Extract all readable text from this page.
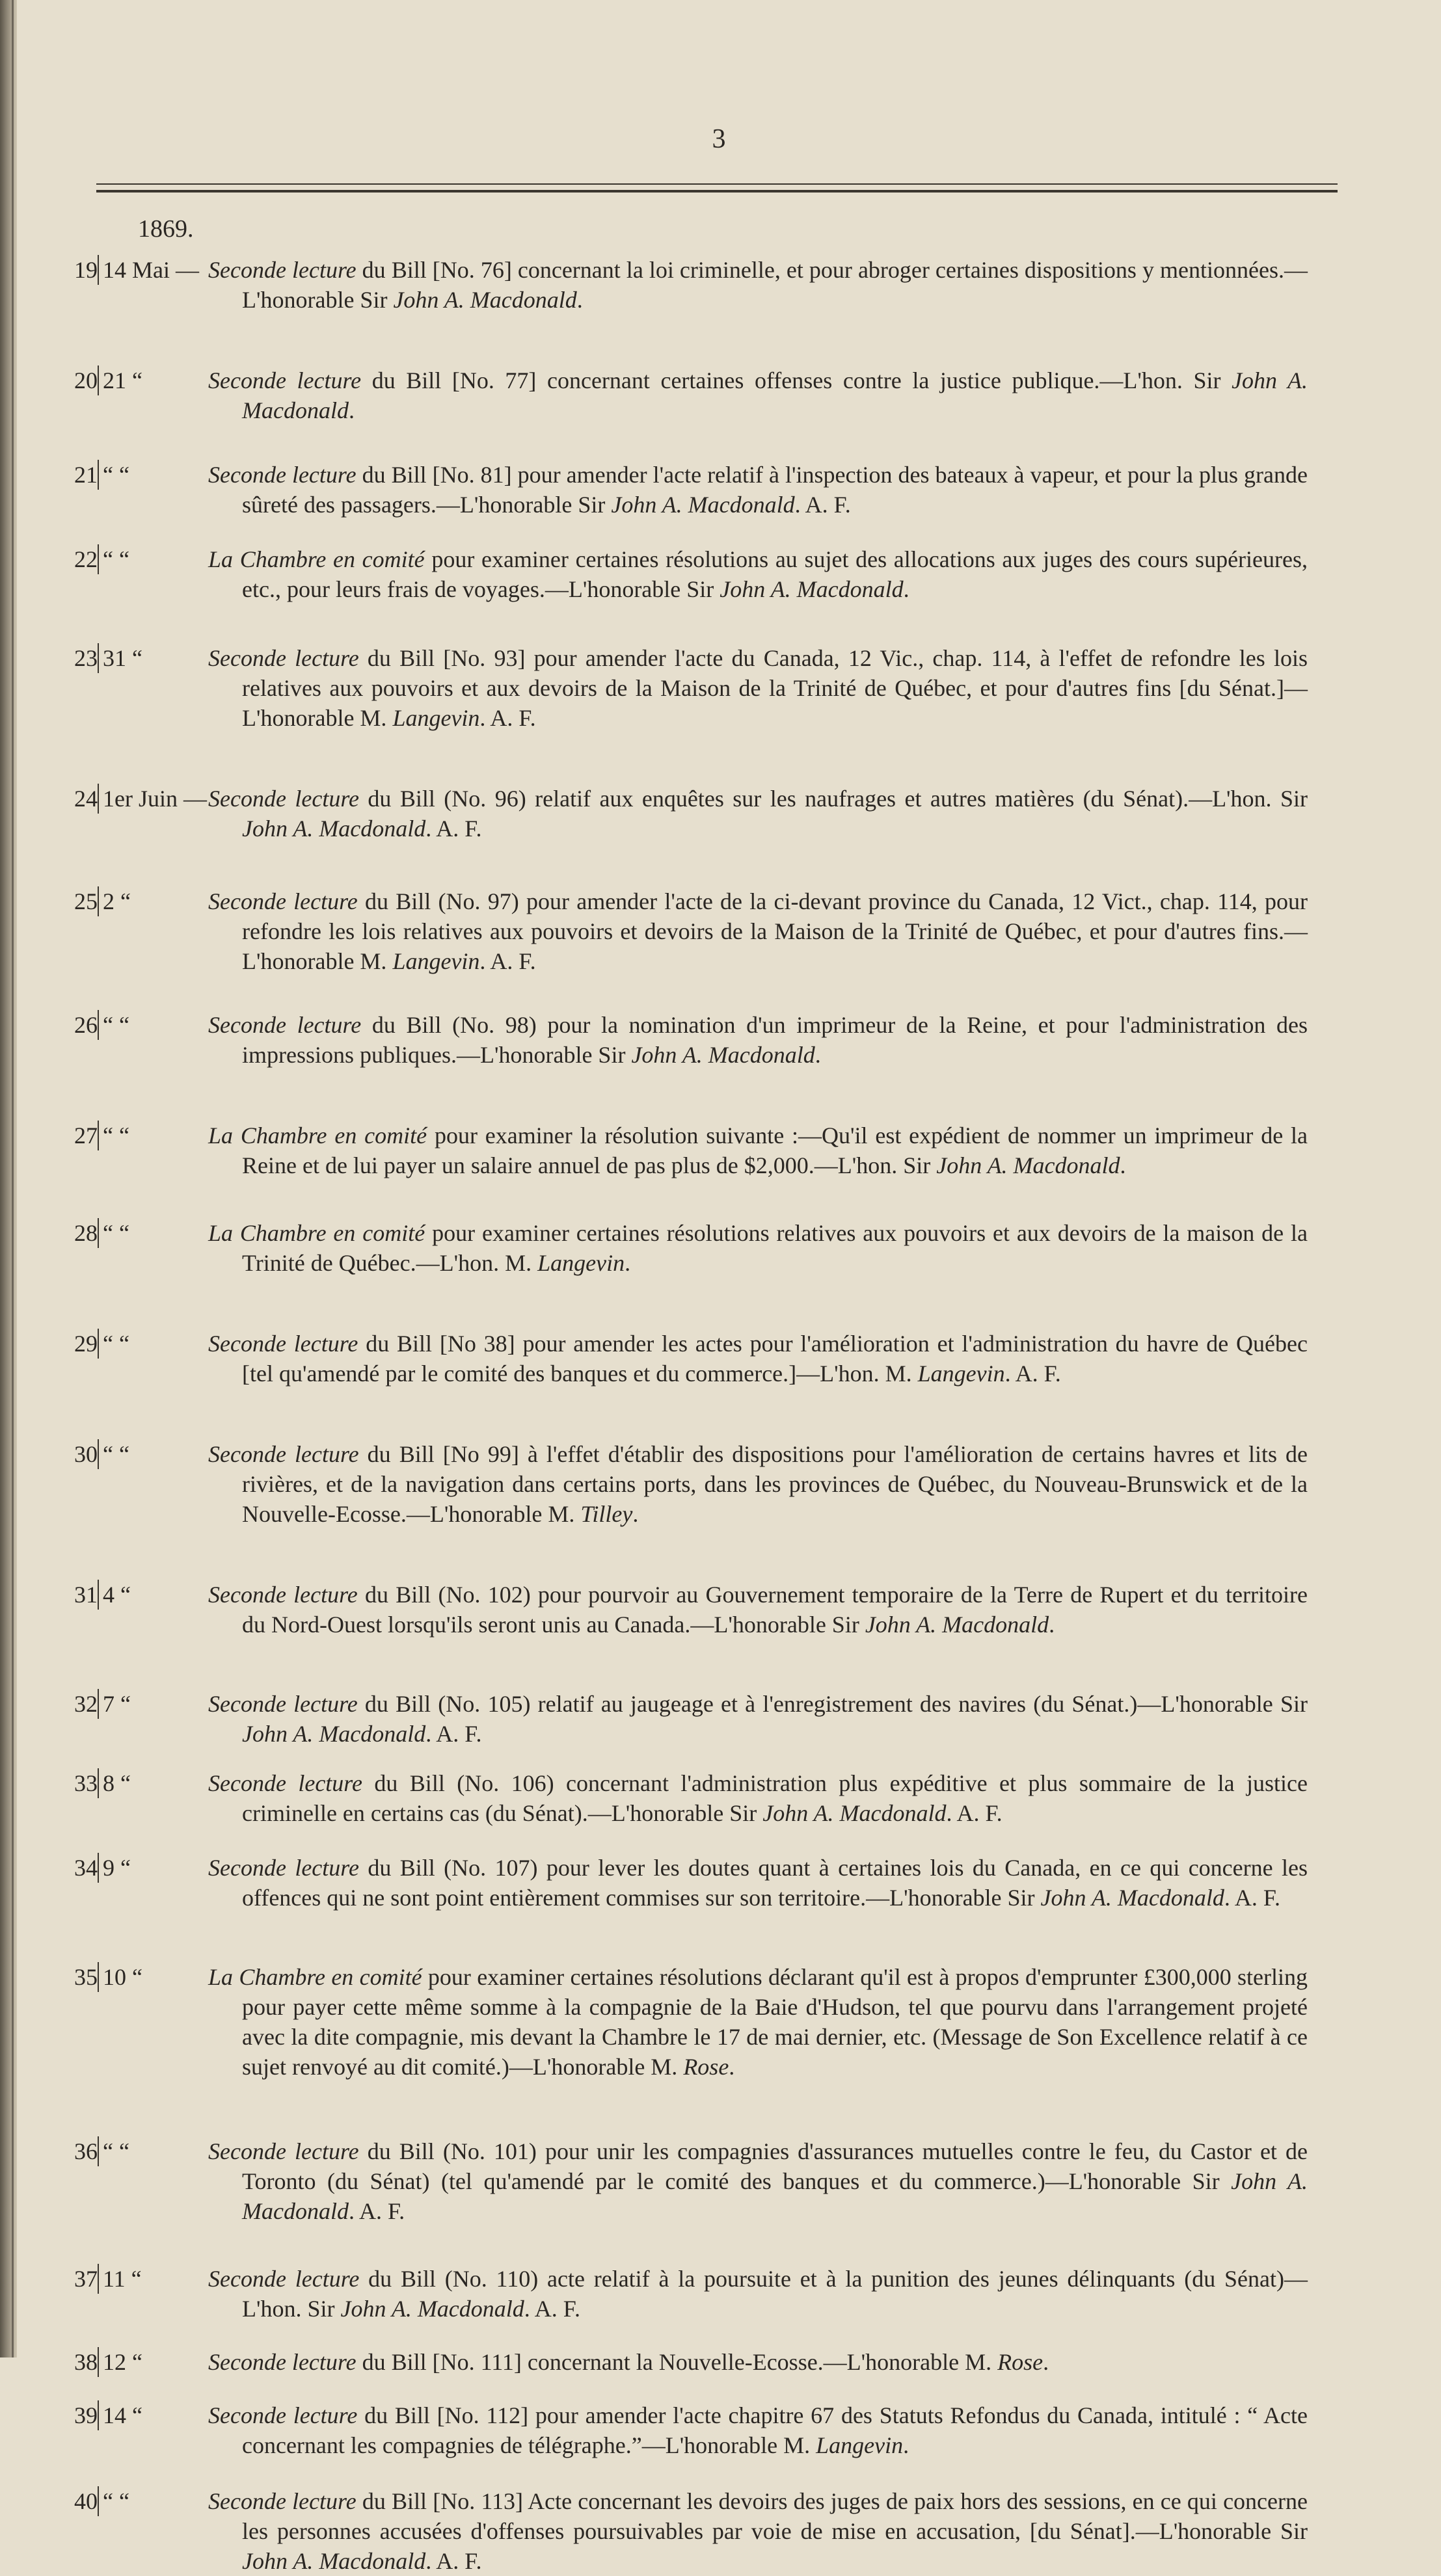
3
1869.
19 14 Mai — Seconde lecture du Bill [No. 76] concernant la loi criminelle, et pour abroger certaines dispositions y mentionnées.—L'honorable Sir John A. Macdonald.
20 21 “	Seconde lecture du Bill [No. 77] concernant certaines offenses contre la justice publique.—L'hon. Sir John A. Macdonald.
21 “ “	Seconde lecture du Bill [No. 81] pour amender l'acte relatif à l'inspection des bateaux à vapeur, et pour la plus grande sûreté des passagers.—L'honorable Sir John A. Macdonald. A. F.
22 “ “	La Chambre en comité pour examiner certaines résolutions au sujet des allocations aux juges des cours supérieures, etc., pour leurs frais de voyages.—L'honorable Sir John A. Macdonald.
23 31 “	Seconde lecture du Bill [No. 93] pour amender l'acte du Canada, 12 Vic., chap. 114, à l'effet de refondre les lois relatives aux pouvoirs et aux devoirs de la Maison de la Trinité de Québec, et pour d'autres fins [du Sénat.]—L'honorable M. Langevin. A. F.
24 1er Juin — Seconde lecture du Bill (No. 96) relatif aux enquêtes sur les naufrages et autres matières (du Sénat).—L'hon. Sir John A. Macdonald. A. F.
25 2 “	Seconde lecture du Bill (No. 97) pour amender l'acte de la ci-devant province du Canada, 12 Vict., chap. 114, pour refondre les lois relatives aux pouvoirs et devoirs de la Maison de la Trinité de Québec, et pour d'autres fins.—L'honorable M. Langevin. A. F.
26 “ “	Seconde lecture du Bill (No. 98) pour la nomination d'un imprimeur de la Reine, et pour l'administration des impressions publiques.—L'honorable Sir John A. Macdonald.
27 “ “	La Chambre en comité pour examiner la résolution suivante :—Qu'il est expédient de nommer un imprimeur de la Reine et de lui payer un salaire annuel de pas plus de $2,000.—L'hon. Sir John A. Macdonald.
28 “ “	La Chambre en comité pour examiner certaines résolutions relatives aux pouvoirs et aux devoirs de la maison de la Trinité de Québec.—L'hon. M. Langevin.
29 “ “	Seconde lecture du Bill [No 38] pour amender les actes pour l'amélioration et l'administration du havre de Québec [tel qu'amendé par le comité des banques et du commerce.]—L'hon. M. Langevin. A. F.
30 “ “	Seconde lecture du Bill [No 99] à l'effet d'établir des dispositions pour l'amélioration de certains havres et lits de rivières, et de la navigation dans certains ports, dans les provinces de Québec, du Nouveau-Brunswick et de la Nouvelle-Ecosse.—L'honorable M. Tilley.
31 4 “	Seconde lecture du Bill (No. 102) pour pourvoir au Gouvernement temporaire de la Terre de Rupert et du territoire du Nord-Ouest lorsqu'ils seront unis au Canada.—L'honorable Sir John A. Macdonald.
32 7 “	Seconde lecture du Bill (No. 105) relatif au jaugeage et à l'enregistrement des navires (du Sénat.)—L'honorable Sir John A. Macdonald. A. F.
33 8 “	Seconde lecture du Bill (No. 106) concernant l'administration plus expéditive et plus sommaire de la justice criminelle en certains cas (du Sénat).—L'honorable Sir John A. Macdonald. A. F.
34 9 “	Seconde lecture du Bill (No. 107) pour lever les doutes quant à certaines lois du Canada, en ce qui concerne les offences qui ne sont point entièrement commises sur son territoire.—L'honorable Sir John A. Macdonald. A. F.
35 10 “	La Chambre en comité pour examiner certaines résolutions déclarant qu'il est à propos d'emprunter £300,000 sterling pour payer cette même somme à la compagnie de la Baie d'Hudson, tel que pourvu dans l'arrangement projeté avec la dite compagnie, mis devant la Chambre le 17 de mai dernier, etc. (Message de Son Excellence relatif à ce sujet renvoyé au dit comité.)—L'honorable M. Rose.
36 “ “	Seconde lecture du Bill (No. 101) pour unir les compagnies d'assurances mutuelles contre le feu, du Castor et de Toronto (du Sénat) (tel qu'amendé par le comité des banques et du commerce.)—L'honorable Sir John A. Macdonald. A. F.
37 11 “	Seconde lecture du Bill (No. 110) acte relatif à la poursuite et à la punition des jeunes délinquants (du Sénat)—L'hon. Sir John A. Macdonald. A. F.
38 12 “	Seconde lecture du Bill [No. 111] concernant la Nouvelle-Ecosse.—L'honorable M. Rose.
39 14 “	Seconde lecture du Bill [No. 112] pour amender l'acte chapitre 67 des Statuts Refondus du Canada, intitulé : “ Acte concernant les compagnies de télégraphe.”—L'honorable M. Langevin.
40 “ “	Seconde lecture du Bill [No. 113] Acte concernant les devoirs des juges de paix hors des sessions, en ce qui concerne les personnes accusées d'offenses poursuivables par voie de mise en accusation, [du Sénat].—L'honorable Sir John A. Macdonald. A. F.
